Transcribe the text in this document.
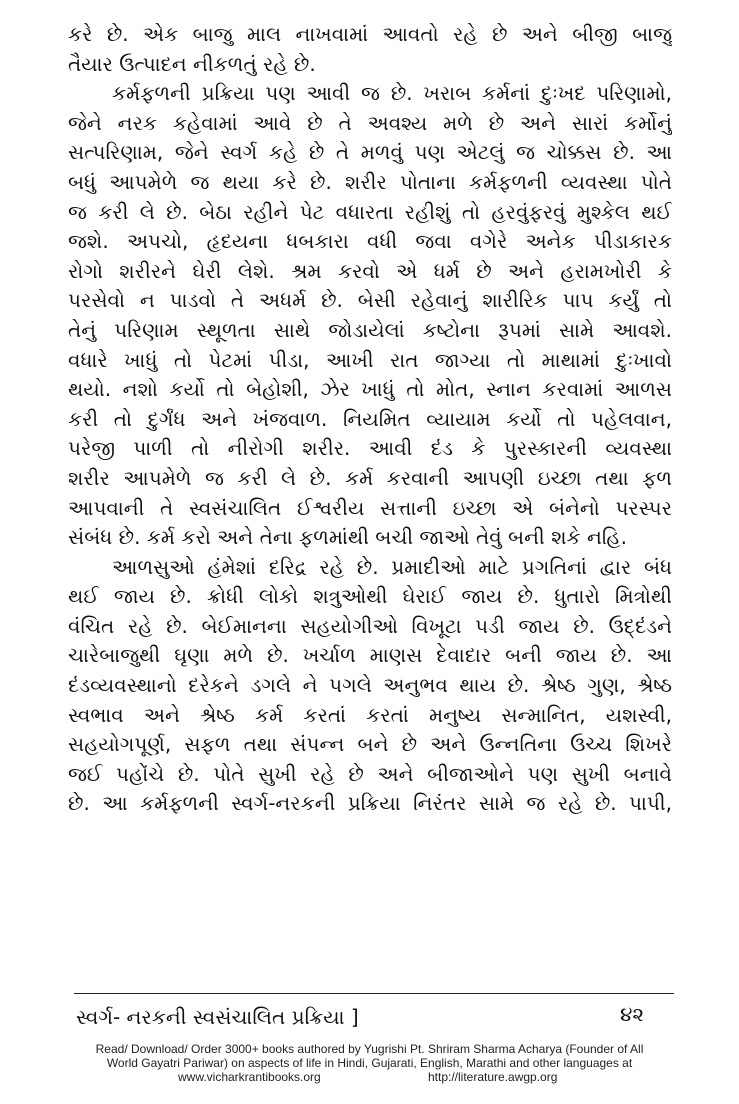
કરે છે. એક બાજુ માલ નાખવામાં આવતો રહે છે અને બીજી બાજુ
તૈયાર ઉત્પાદન નીકળતું રહે છે.
કર્મફળની પ્રક્રિયા પણ આવી જ છે. ખરાબ કર્મનાં દુઃખદ પરિણામો,
જેને નરક કહેવામાં આવે છે તે અવશ્ય મળે છે અને સારાં કર્મોનું
સત્પરિણામ, જેને સ્વર્ગ કહે છે તે મળવું પણ એટલું જ ચોક્કસ છે. આ
બધું આપમેળે જ થયા કરે છે. શરીર પોતાના કર્મફળની વ્યવસ્થા પોતે
જ કરી લે છે. બેઠા રહીને પેટ વધારતા રહીશું તો હરવુંફરવું મુશ્કેલ થઈ
જશે. અપચો, હૃદયના ધબકારા વધી જવા વગેરે અનેક પીડાકારક
રોગો શરીરને ઘેરી લેશે. શ્રમ કરવો એ ધર્મ છે અને હરામખોરી કે
પરસેવો ન પાડવો તે અધર્મ છે. બેસી રહેવાનું શારીરિક પાપ કર્યું તો
તેનું પરિણામ સ્થૂળતા સાથે જોડાયેલાં કષ્ટોના રૂપમાં સામે આવશે.
વધારે ખાધું તો પેટમાં પીડા, આખી રાત જાગ્યા તો માથામાં દુઃખાવો
થયો. નશો કર્યો તો બેહોશી, ઝેર ખાધું તો મોત, સ્નાન કરવામાં આળસ
કરી તો દુર્ગંધ અને ખંજવાળ. નિયમિત વ્યાયામ કર્યો તો પહેલવાન,
પરેજી પાળી તો નીરોગી શરીર. આવી દંડ કે પુરસ્કારની વ્યવસ્થા
શરીર આપમેળે જ કરી લે છે. કર્મ કરવાની આપણી ઇચ્છા તથા ફળ
આપવાની તે સ્વસંચાલિત ઈશ્વરીય સત્તાની ઇચ્છા એ બંનેનો પરસ્પર
સંબંધ છે. કર્મ કરો અને તેના ફળમાંથી બચી જાઓ તેવું બની શકે નહિ.
આળસુઓ હંમેશાં દરિદ્ર રહે છે. પ્રમાદીઓ માટે પ્રગતિનાં દ્વાર બંધ
થઈ જાય છે. ક્રોધી લોકો શત્રુઓથી ઘેરાઈ જાય છે. ધુતારો મિત્રોથી
વંચિત રહે છે. બેઈમાનના સહયોગીઓ વિખૂટા પડી જાય છે. ઉદ્દંડને
ચારેબાજુથી ઘૃણા મળે છે. ખર્ચાળ માણસ દેવાદાર બની જાય છે. આ
દંડવ્યવસ્થાનો દરેકને ડગલે ને પગલે અનુભવ થાય છે. શ્રેષ્ઠ ગુણ, શ્રેષ્ઠ
સ્વભાવ અને શ્રેષ્ઠ કર્મ કરતાં કરતાં મનુષ્ય સન્માનિત, યશસ્વી,
સહયોગપૂર્ણ, સફળ તથા સંપન્ન બને છે અને ઉન્નતિના ઉચ્ચ શિખરે
જઈ પહોંચે છે. પોતે સુખી રહે છે અને બીજાઓને પણ સુખી બનાવે
છે. આ કર્મફળની સ્વર્ગ-નરકની પ્રક્રિયા નિરંતર સામે જ રહે છે. પાપી,
સ્વર્ગ- નરકની સ્વસંચાલિત પ્રક્રિયા ]	૪૨
Read/ Download/ Order 3000+ books authored by Yugrishi Pt. Shriram Sharma Acharya (Founder of All
World Gayatri Pariwar) on aspects of life in Hindi, Gujarati, English, Marathi and other languages at
www.vicharkrantibooks.org	http://literature.awgp.org
